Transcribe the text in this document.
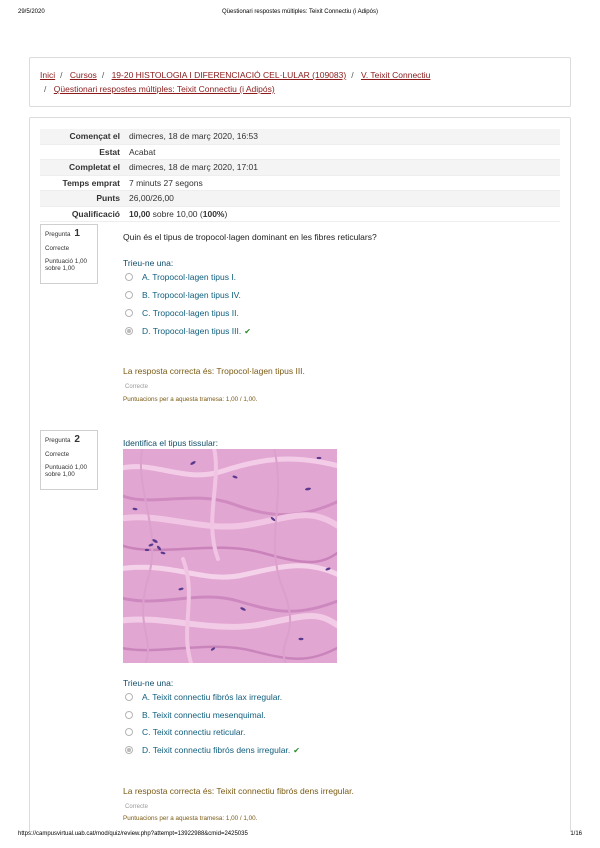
29/5/2020	Qüestionari respostes múltiples: Teixit Connectiu (i Adipós)
Inici / Cursos / 19-20 HISTOLOGIA I DIFERENCIACIÓ CEL·LULAR (109083) / V. Teixit Connectiu
/ Qüestionari respostes múltiples: Teixit Connectiu (i Adipós)
Començat el	dimecres, 18 de març 2020, 16:53
Estat	Acabat
Completat el	dimecres, 18 de març 2020, 17:01
Temps emprat	7 minuts 27 segons
Punts	26,00/26,00
Qualificació	10,00 sobre 10,00 (100%)
Pregunta 1
Correcte
Puntuació 1,00 sobre 1,00
Quin és el tipus de tropocol·lagen dominant en les fibres reticulars?
Trieu-ne una:
A. Tropocol·lagen tipus I.
B. Tropocol·lagen tipus IV.
C. Tropocol·lagen tipus II.
D. Tropocol·lagen tipus III. ✔
La resposta correcta és: Tropocol·lagen tipus III.
Correcte
Puntuacions per a aquesta tramesa: 1,00 / 1,00.
Pregunta 2
Correcte
Puntuació 1,00 sobre 1,00
Identifica el tipus tissular:
Trieu-ne una:
A. Teixit connectiu fibrós lax irregular.
B. Teixit connectiu mesenquimal.
C. Teixit connectiu reticular.
D. Teixit connectiu fibrós dens irregular. ✔
La resposta correcta és: Teixit connectiu fibrós dens irregular.
Correcte
Puntuacions per a aquesta tramesa: 1,00 / 1,00.
https://campusvirtual.uab.cat/mod/quiz/review.php?attempt=13922988&cmid=2425035	1/16
